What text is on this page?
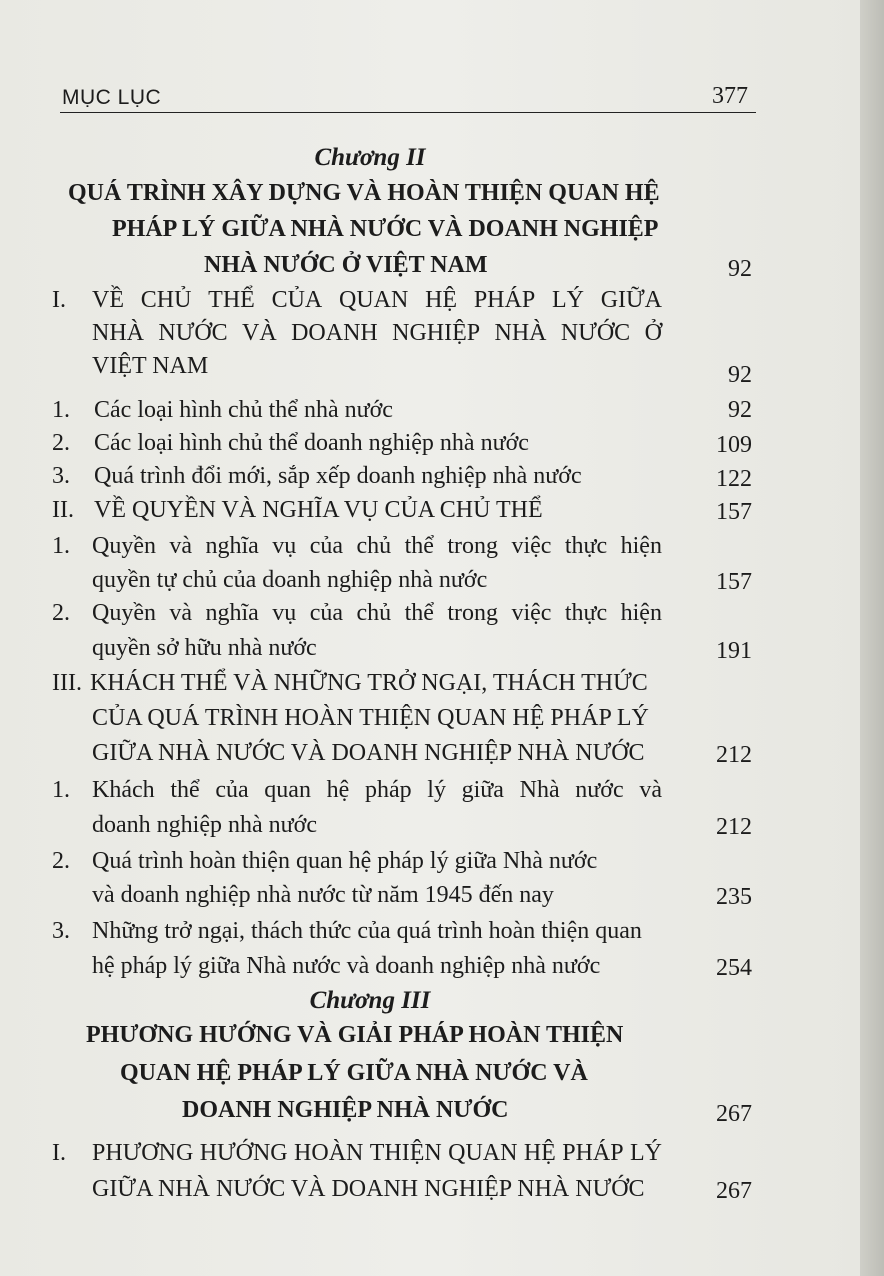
MỤC LỤC	377
Chương II
QUÁ TRÌNH XÂY DỰNG VÀ HOÀN THIỆN QUAN HỆ
PHÁP LÝ GIỮA NHÀ NƯỚC VÀ DOANH NGHIỆP
NHÀ NƯỚC Ở VIỆT NAM	92
I. VỀ CHỦ THỂ CỦA QUAN HỆ PHÁP LÝ GIỮA
NHÀ NƯỚC VÀ DOANH NGHIỆP NHÀ NƯỚC Ở
VIỆT NAM	92
1. Các loại hình chủ thể nhà nước	92
2. Các loại hình chủ thể doanh nghiệp nhà nước	109
3. Quá trình đổi mới, sắp xếp doanh nghiệp nhà nước	122
II. VỀ QUYỀN VÀ NGHĨA VỤ CỦA CHỦ THỂ	157
1. Quyền và nghĩa vụ của chủ thể trong việc thực hiện
quyền tự chủ của doanh nghiệp nhà nước	157
2. Quyền và nghĩa vụ của chủ thể trong việc thực hiện
quyền sở hữu nhà nước	191
III. KHÁCH THỂ VÀ NHỮNG TRỞ NGẠI, THÁCH THỨC
CỦA QUÁ TRÌNH HOÀN THIỆN QUAN HỆ PHÁP LÝ
GIỮA NHÀ NƯỚC VÀ DOANH NGHIỆP NHÀ NƯỚC	212
1. Khách thể của quan hệ pháp lý giữa Nhà nước và
doanh nghiệp nhà nước	212
2. Quá trình hoàn thiện quan hệ pháp lý giữa Nhà nước
và doanh nghiệp nhà nước từ năm 1945 đến nay	235
3. Những trở ngại, thách thức của quá trình hoàn thiện quan
hệ pháp lý giữa Nhà nước và doanh nghiệp nhà nước	254
Chương III
PHƯƠNG HƯỚNG VÀ GIẢI PHÁP HOÀN THIỆN
QUAN HỆ PHÁP LÝ GIỮA NHÀ NƯỚC VÀ
DOANH NGHIỆP NHÀ NƯỚC	267
I. PHƯƠNG HƯỚNG HOÀN THIỆN QUAN HỆ PHÁP LÝ
GIỮA NHÀ NƯỚC VÀ DOANH NGHIỆP NHÀ NƯỚC	267
